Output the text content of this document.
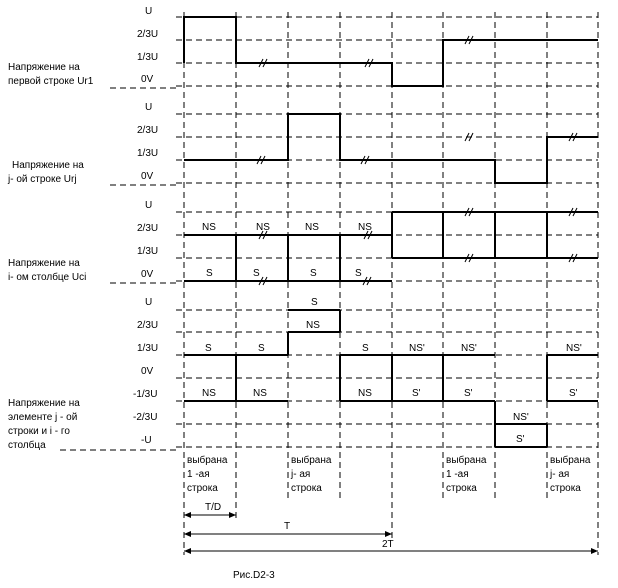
U
2/3U
1/3U
0V
Напряжение на
первой строке Ur1
U
2/3U
1/3U
0V
Напряжение на
j- ой строке Urj
U
2/3U
1/3U
0V
Напряжение на
i- ом столбце Uci
NS	NS	NS	NS
S	S	S	S
U
2/3U
1/3U
0V
-1/3U
-2/3U
-U
Напряжение на
элементе j - ой
строки и i - го
столбца
S
NS
S	S	S	NS'	NS'	NS'
NS	NS	NS	S'	S'	S'
NS'
S'
выбрана
1 -ая
строка
выбрана
j- ая
строка
выбрана
1 -ая
строка
выбрана
j- ая
строка
T/D
T
2T
Рис.D2-3
